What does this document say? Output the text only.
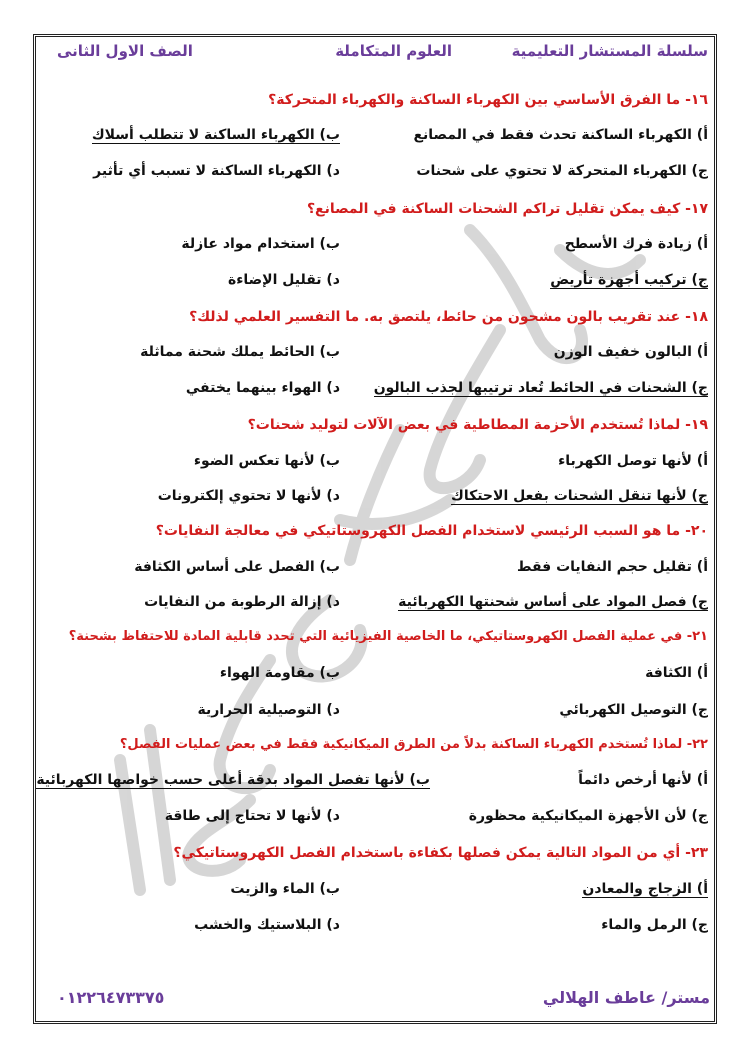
سلسلة المستشار التعليمية
العلوم المتكاملة
الصف الاول الثانى
١٦- ما الفرق الأساسي بين الكهرباء الساكنة والكهرباء المتحركة؟
أ) الكهرباء الساكنة تحدث فقط في المصانع
ب) الكهرباء الساكنة لا تتطلب أسلاك
ج) الكهرباء المتحركة لا تحتوي على شحنات
د) الكهرباء الساكنة لا تسبب أي تأثير
١٧- كيف يمكن تقليل تراكم الشحنات الساكنة في المصانع؟
أ) زيادة فرك الأسطح
ب) استخدام مواد عازلة
ج) تركيب أجهزة تأريض
د) تقليل الإضاءة
١٨- عند تقريب بالون مشحون من حائط، يلتصق به. ما التفسير العلمي لذلك؟
أ) البالون خفيف الوزن
ب) الحائط يملك شحنة مماثلة
ج) الشحنات في الحائط تُعاد ترتيبها لجذب البالون
د) الهواء بينهما يختفي
١٩- لماذا تُستخدم الأحزمة المطاطية في بعض الآلات لتوليد شحنات؟
أ) لأنها توصل الكهرباء
ب) لأنها تعكس الضوء
ج) لأنها تنقل الشحنات بفعل الاحتكاك
د) لأنها لا تحتوي إلكترونات
٢٠- ما هو السبب الرئيسي لاستخدام الفصل الكهروستاتيكي في معالجة النفايات؟
أ) تقليل حجم النفايات فقط
ب) الفصل على أساس الكثافة
ج) فصل المواد على أساس شحنتها الكهربائية
د) إزالة الرطوبة من النفايات
٢١- في عملية الفصل الكهروستاتيكي، ما الخاصية الفيزيائية التي تحدد قابلية المادة للاحتفاظ بشحنة؟
أ) الكثافة
ب) مقاومة الهواء
ج) التوصيل الكهربائي
د) التوصيلية الحرارية
٢٢- لماذا تُستخدم الكهرباء الساكنة بدلاً من الطرق الميكانيكية فقط في بعض عمليات الفصل؟
أ) لأنها أرخص دائماً
ب) لأنها تفصل المواد بدقة أعلى حسب خواصها الكهربائية
ج) لأن الأجهزة الميكانيكية محظورة
د) لأنها لا تحتاج إلى طاقة
٢٣- أي من المواد التالية يمكن فصلها بكفاءة باستخدام الفصل الكهروستاتيكي؟
أ) الزجاج والمعادن
ب) الماء والزيت
ج) الرمل والماء
د) البلاستيك والخشب
مستر/ عاطف الهلالي
٠١٢٢٦٤٧٣٣٧٥
